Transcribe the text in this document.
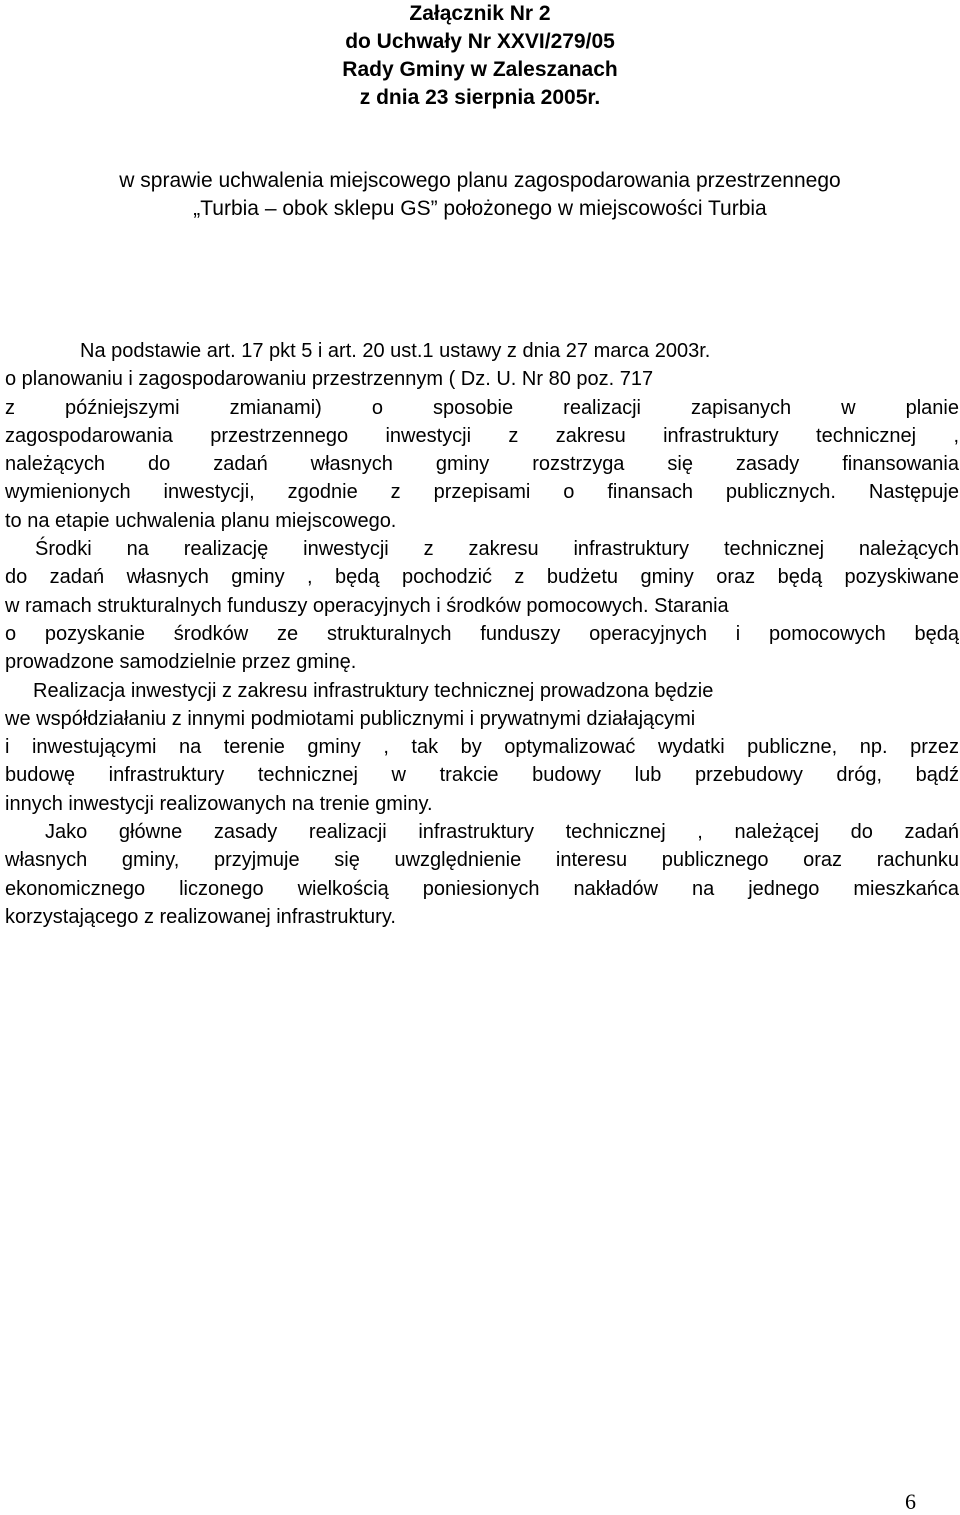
Załącznik Nr 2
do Uchwały Nr XXVI/279/05
Rady Gminy w Zaleszanach
z dnia 23 sierpnia 2005r.
w sprawie uchwalenia miejscowego planu zagospodarowania przestrzennego
„Turbia – obok sklepu GS” położonego w miejscowości Turbia
Na podstawie art. 17 pkt 5 i art. 20 ust.1 ustawy z dnia 27 marca 2003r.
o planowaniu i zagospodarowaniu przestrzennym ( Dz. U. Nr 80 poz. 717
z późniejszymi zmianami) o sposobie realizacji zapisanych w planie
zagospodarowania przestrzennego inwestycji z zakresu infrastruktury technicznej ,
należących do zadań własnych gminy rozstrzyga się zasady finansowania
wymienionych inwestycji, zgodnie z przepisami o finansach publicznych. Następuje
to na etapie uchwalenia planu miejscowego.
Środki na realizację inwestycji z zakresu infrastruktury technicznej należących
do zadań własnych gminy , będą pochodzić z budżetu gminy oraz będą pozyskiwane
w ramach strukturalnych funduszy operacyjnych i środków pomocowych. Starania
o pozyskanie środków ze strukturalnych funduszy operacyjnych i pomocowych będą
prowadzone samodzielnie przez gminę.
Realizacja inwestycji z zakresu infrastruktury technicznej prowadzona będzie
we współdziałaniu z innymi podmiotami publicznymi i prywatnymi działającymi
i inwestującymi na terenie gminy , tak by optymalizować wydatki publiczne, np. przez
budowę infrastruktury technicznej w trakcie budowy lub przebudowy dróg, bądź
innych inwestycji realizowanych na trenie gminy.
Jako główne zasady realizacji infrastruktury technicznej , należącej do zadań
własnych gminy, przyjmuje się uwzględnienie interesu publicznego oraz rachunku
ekonomicznego liczonego wielkością poniesionych nakładów na jednego mieszkańca
korzystającego z realizowanej infrastruktury.
6
